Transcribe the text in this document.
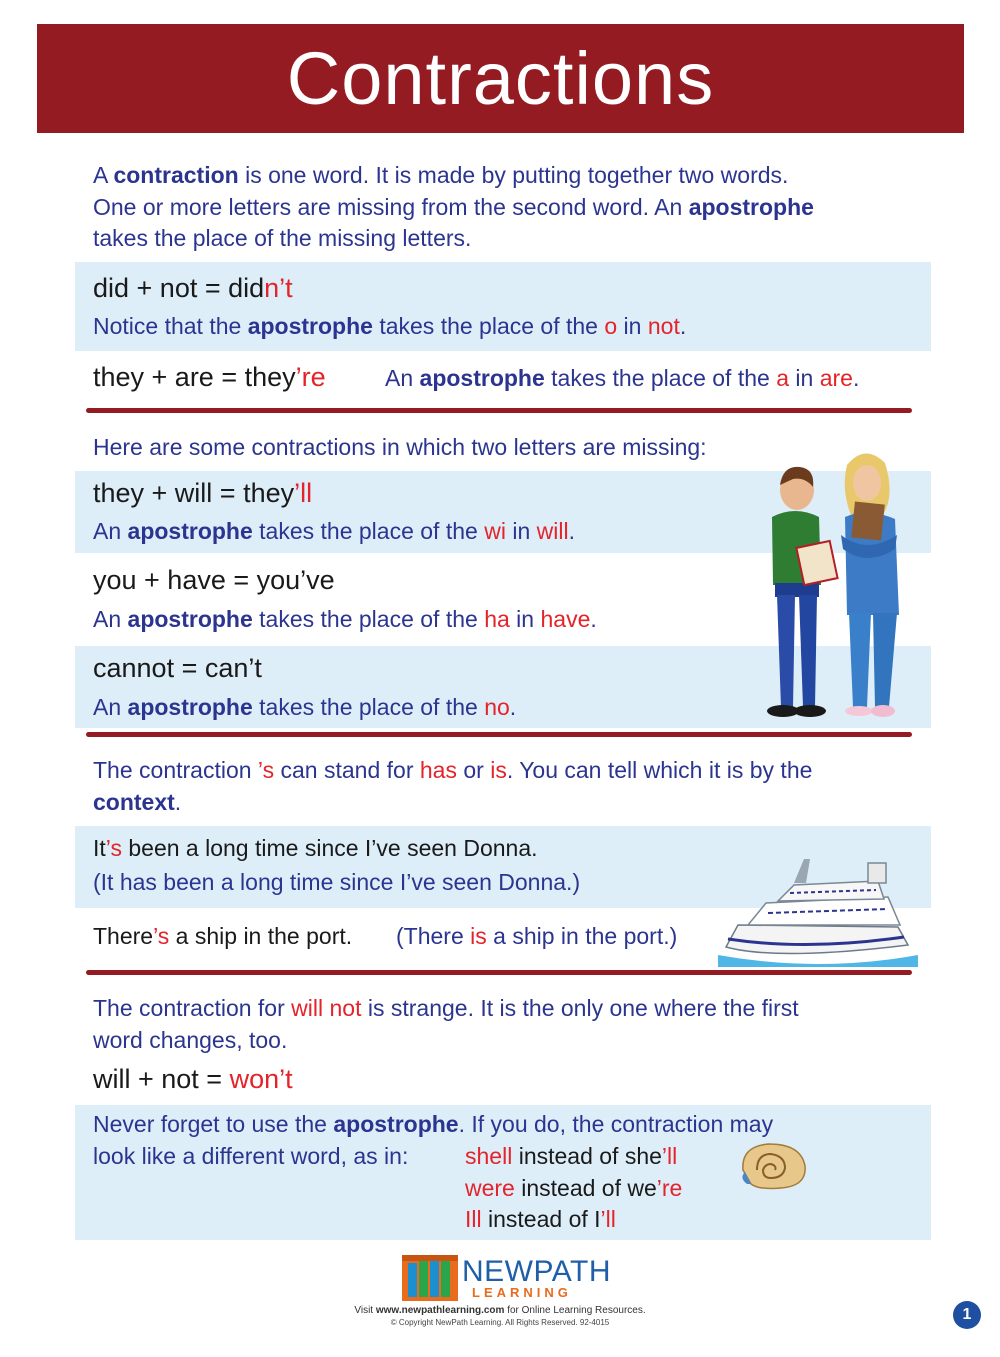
Contractions
A contraction is one word. It is made by putting together two words.
One or more letters are missing from the second word. An apostrophe
takes the place of the missing letters.
did + not = didn’t
Notice that the apostrophe takes the place of the o in not.
they + are = they’re	An apostrophe takes the place of the a in are.
Here are some contractions in which two letters are missing:
they + will = they’ll
An apostrophe takes the place of the wi in will.
you + have = you’ve
An apostrophe takes the place of the ha in have.
cannot = can’t
An apostrophe takes the place of the no.
The contraction ’s can stand for has or is. You can tell which it is by the
context.
It’s been a long time since I’ve seen Donna.
(It has been a long time since I’ve seen Donna.)
There’s a ship in the port. (There is a ship in the port.)
The contraction for will not is strange. It is the only one where the first
word changes, too.
will + not = won’t
Never forget to use the apostrophe. If you do, the contraction may
look like a different word, as in:	shell instead of she’ll
were instead of we’re
Ill instead of I’ll
NEWPATH
LEARNING
Visit www.newpathlearning.com for Online Learning Resources.
© Copyright NewPath Learning. All Rights Reserved. 92-4015	1
